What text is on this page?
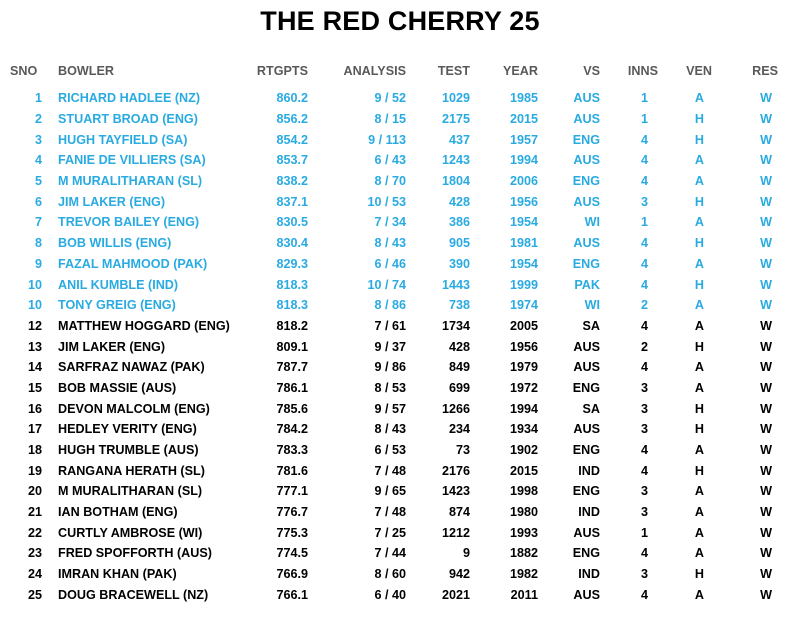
THE RED CHERRY 25
SNO	BOWLER	RTGPTS	ANALYSIS	TEST	YEAR	VS	INNS	VEN	RES
1	RICHARD HADLEE (NZ)	860.2	9 / 52	1029	1985	AUS	1	A	W
2	STUART BROAD (ENG)	856.2	8 / 15	2175	2015	AUS	1	H	W
3	HUGH TAYFIELD (SA)	854.2	9 / 113	437	1957	ENG	4	H	W
4	FANIE DE VILLIERS (SA)	853.7	6 / 43	1243	1994	AUS	4	A	W
5	M MURALITHARAN (SL)	838.2	8 / 70	1804	2006	ENG	4	A	W
6	JIM LAKER (ENG)	837.1	10 / 53	428	1956	AUS	3	H	W
7	TREVOR BAILEY (ENG)	830.5	7 / 34	386	1954	WI	1	A	W
8	BOB WILLIS (ENG)	830.4	8 / 43	905	1981	AUS	4	H	W
9	FAZAL MAHMOOD (PAK)	829.3	6 / 46	390	1954	ENG	4	A	W
10	ANIL KUMBLE (IND)	818.3	10 / 74	1443	1999	PAK	4	H	W
10	TONY GREIG (ENG)	818.3	8 / 86	738	1974	WI	2	A	W
12	MATTHEW HOGGARD (ENG)	818.2	7 / 61	1734	2005	SA	4	A	W
13	JIM LAKER (ENG)	809.1	9 / 37	428	1956	AUS	2	H	W
14	SARFRAZ NAWAZ (PAK)	787.7	9 / 86	849	1979	AUS	4	A	W
15	BOB MASSIE (AUS)	786.1	8 / 53	699	1972	ENG	3	A	W
16	DEVON MALCOLM (ENG)	785.6	9 / 57	1266	1994	SA	3	H	W
17	HEDLEY VERITY (ENG)	784.2	8 / 43	234	1934	AUS	3	H	W
18	HUGH TRUMBLE (AUS)	783.3	6 / 53	73	1902	ENG	4	A	W
19	RANGANA HERATH (SL)	781.6	7 / 48	2176	2015	IND	4	H	W
20	M MURALITHARAN (SL)	777.1	9 / 65	1423	1998	ENG	3	A	W
21	IAN BOTHAM (ENG)	776.7	7 / 48	874	1980	IND	3	A	W
22	CURTLY AMBROSE (WI)	775.3	7 / 25	1212	1993	AUS	1	A	W
23	FRED SPOFFORTH (AUS)	774.5	7 / 44	9	1882	ENG	4	A	W
24	IMRAN KHAN (PAK)	766.9	8 / 60	942	1982	IND	3	H	W
25	DOUG BRACEWELL (NZ)	766.1	6 / 40	2021	2011	AUS	4	A	W
